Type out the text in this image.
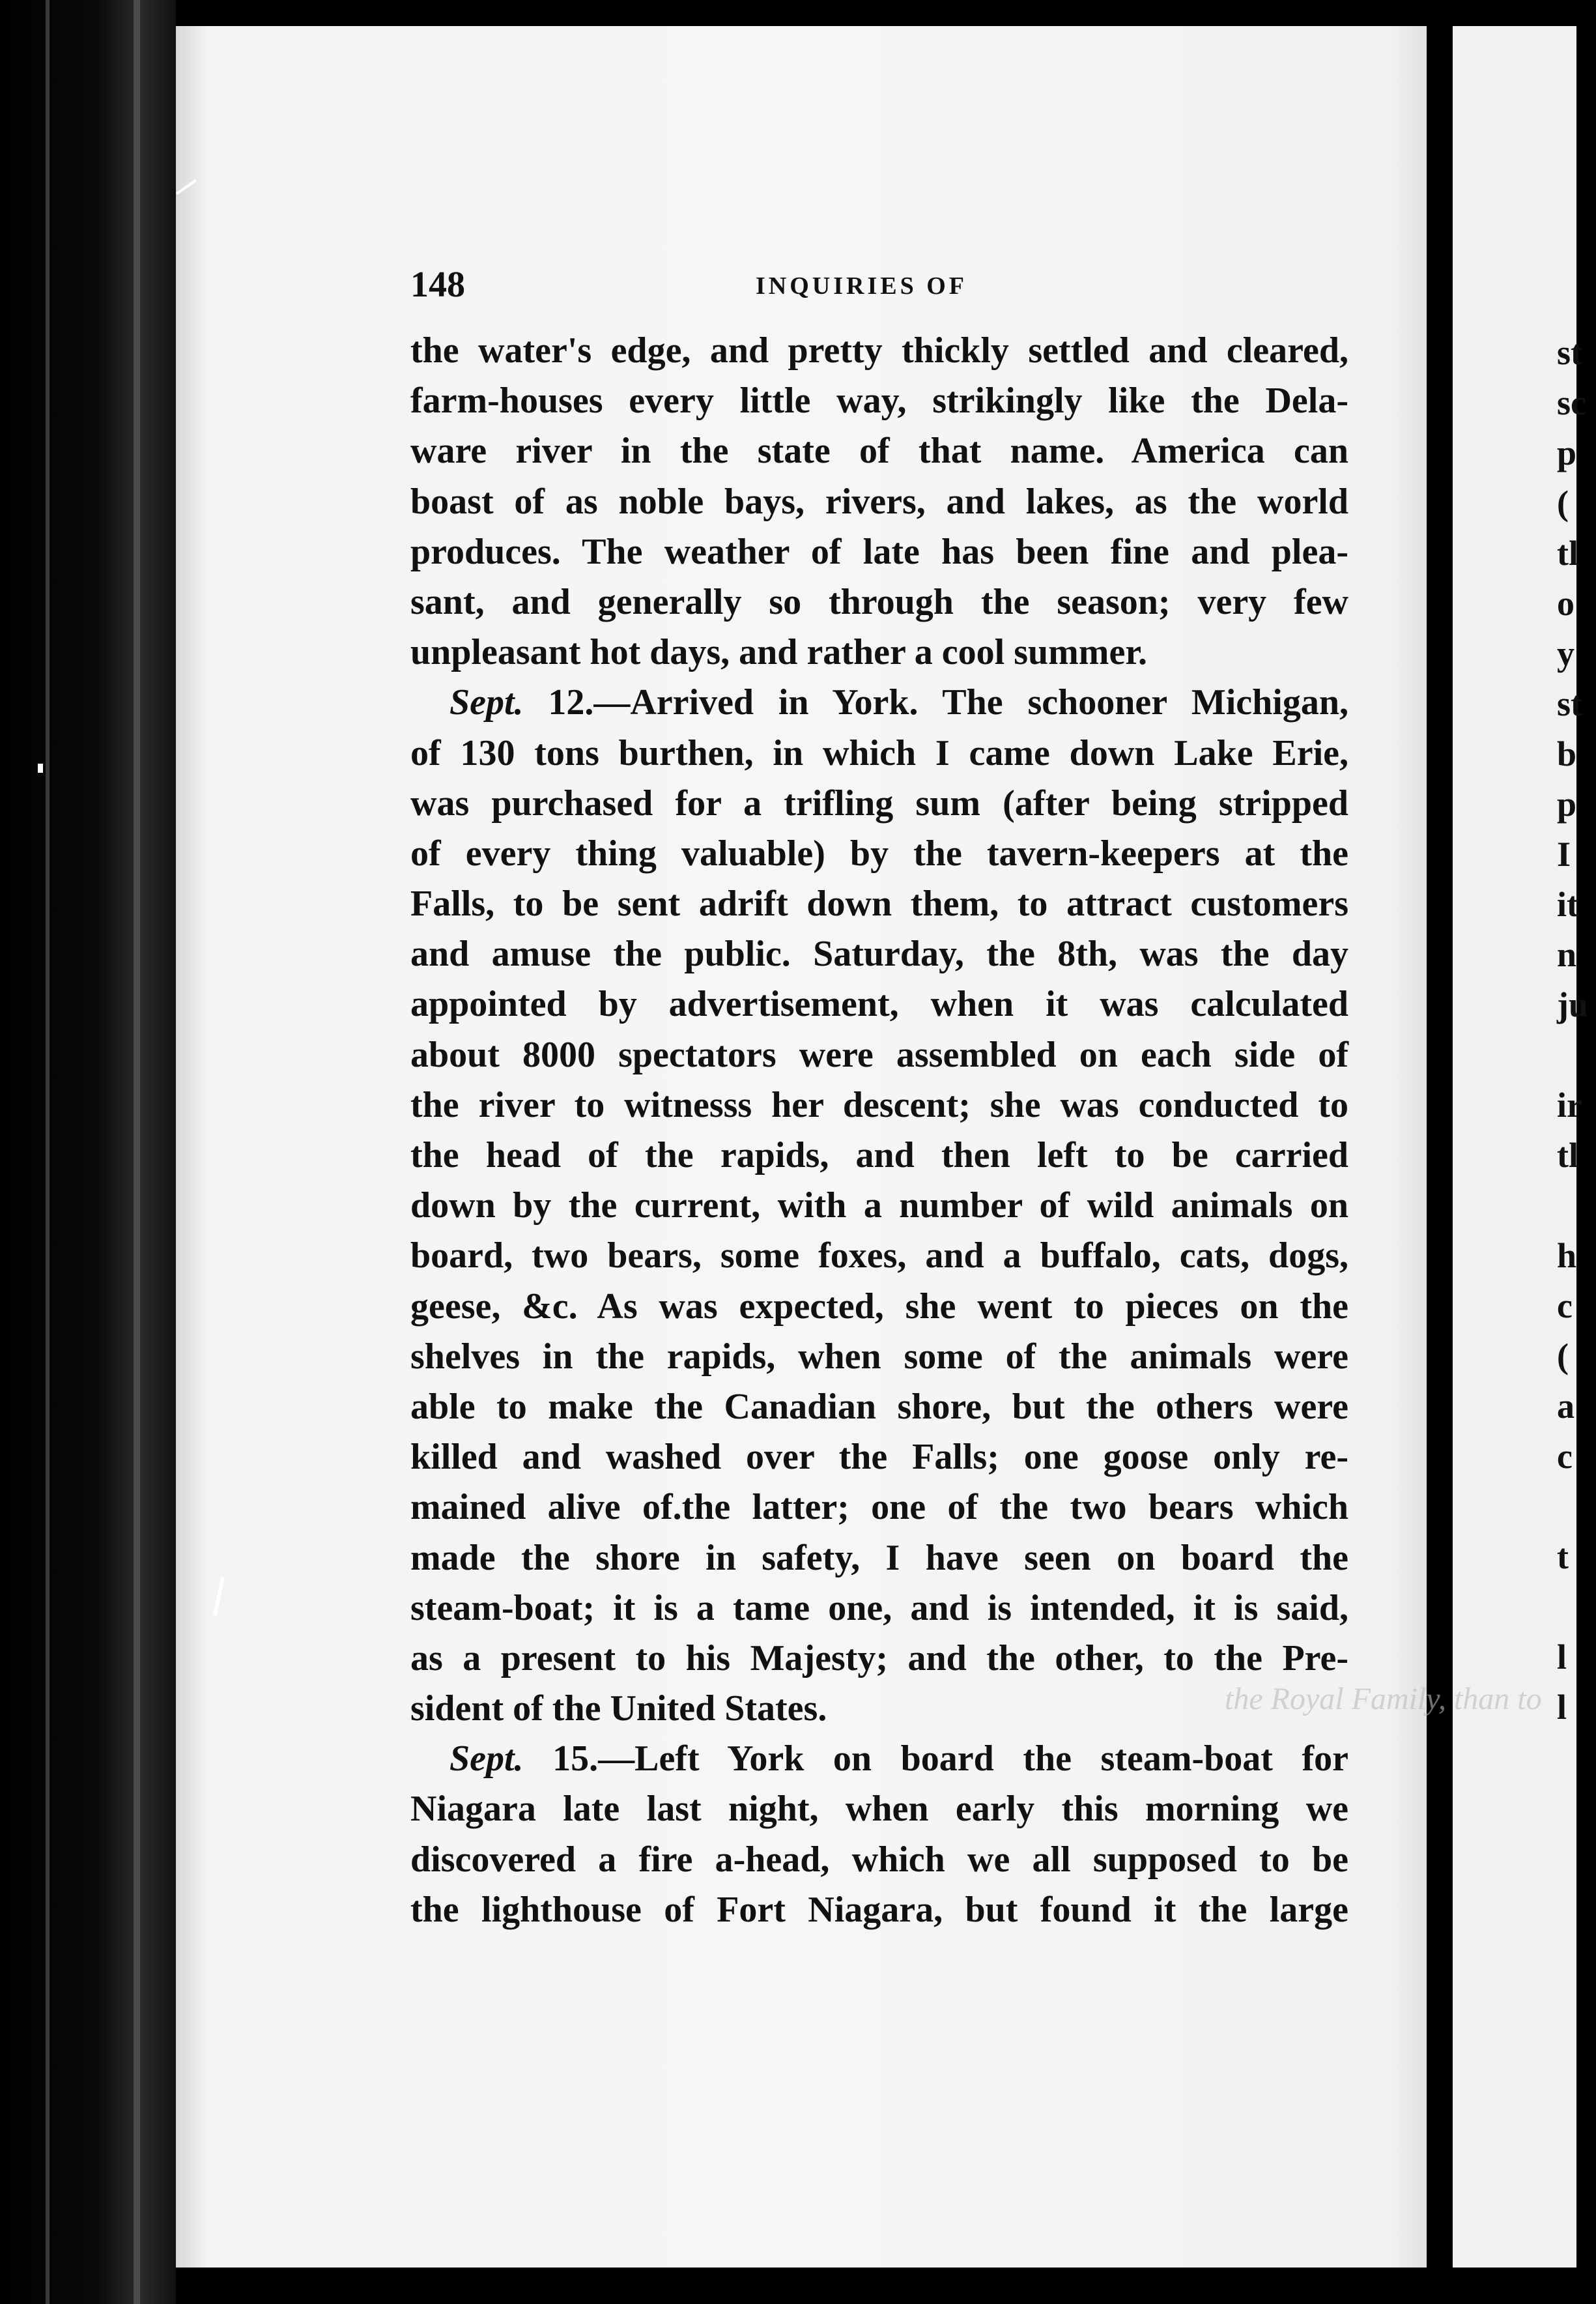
st
sc
p
(
tl
o
y
st
b
p
I
it
n
ju
ir
tl
h
c
(
a
c
t
l
l
148	INQUIRIES OF
the Royal Family, than to
the water's edge, and pretty thickly settled and cleared,
farm-houses every little way, strikingly like the Dela-
ware river in the state of that name. America can
boast of as noble bays, rivers, and lakes, as the world
produces. The weather of late has been fine and plea-
sant, and generally so through the season; very few
unpleasant hot days, and rather a cool summer.
Sept. 12.—Arrived in York. The schooner Michigan,
of 130 tons burthen, in which I came down Lake Erie,
was purchased for a trifling sum (after being stripped
of every thing valuable) by the tavern-keepers at the
Falls, to be sent adrift down them, to attract customers
and amuse the public. Saturday, the 8th, was the day
appointed by advertisement, when it was calculated
about 8000 spectators were assembled on each side of
the river to witnesss her descent; she was conducted to
the head of the rapids, and then left to be carried
down by the current, with a number of wild animals on
board, two bears, some foxes, and a buffalo, cats, dogs,
geese, &c. As was expected, she went to pieces on the
shelves in the rapids, when some of the animals were
able to make the Canadian shore, but the others were
killed and washed over the Falls; one goose only re-
mained alive of.the latter; one of the two bears which
made the shore in safety, I have seen on board the
steam-boat; it is a tame one, and is intended, it is said,
as a present to his Majesty; and the other, to the Pre-
sident of the United States.
Sept. 15.—Left York on board the steam-boat for
Niagara late last night, when early this morning we
discovered a fire a-head, which we all supposed to be
the lighthouse of Fort Niagara, but found it the large
